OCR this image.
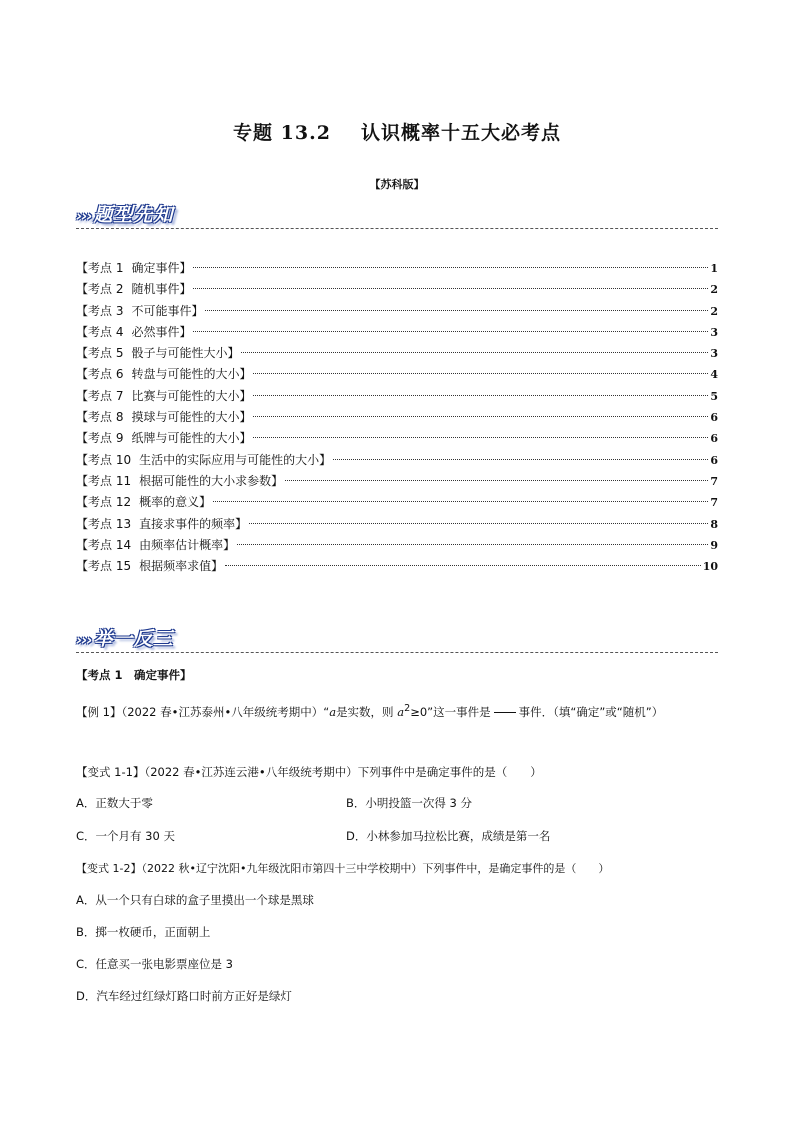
专题 13.2 认识概率十五大必考点
【苏科版】
››› 题型先知
【考点 1 确定事件】	1
【考点 2 随机事件】	2
【考点 3 不可能事件】	2
【考点 4 必然事件】	3
【考点 5 骰子与可能性大小】	3
【考点 6 转盘与可能性的大小】	4
【考点 7 比赛与可能性的大小】	5
【考点 8 摸球与可能性的大小】	6
【考点 9 纸牌与可能性的大小】	6
【考点 10 生活中的实际应用与可能性的大小】	6
【考点 11 根据可能性的大小求参数】	7
【考点 12 概率的意义】	7
【考点 13 直接求事件的频率】	8
【考点 14 由频率估计概率】	9
【考点 15 根据频率求值】	10
››› 举一反三
【考点 1　确定事件】
【例 1】（2022 春•江苏泰州•八年级统考期中）“a是实数，则 $a^2\ge 0$”这一事件是 事件．（填“确定”或“随机”）
【变式 1-1】（2022 春•江苏连云港•八年级统考期中）下列事件中是确定事件的是（　　）
A．正数大于零	B．小明投篮一次得 3 分
C．一个月有 30 天	D．小林参加马拉松比赛，成绩是第一名
【变式 1-2】（2022 秋•辽宁沈阳•九年级沈阳市第四十三中学校期中）下列事件中，是确定事件的是（　　）
A．从一个只有白球的盒子里摸出一个球是黑球
B．掷一枚硬币，正面朝上
C．任意买一张电影票座位是 3
D．汽车经过红绿灯路口时前方正好是绿灯
